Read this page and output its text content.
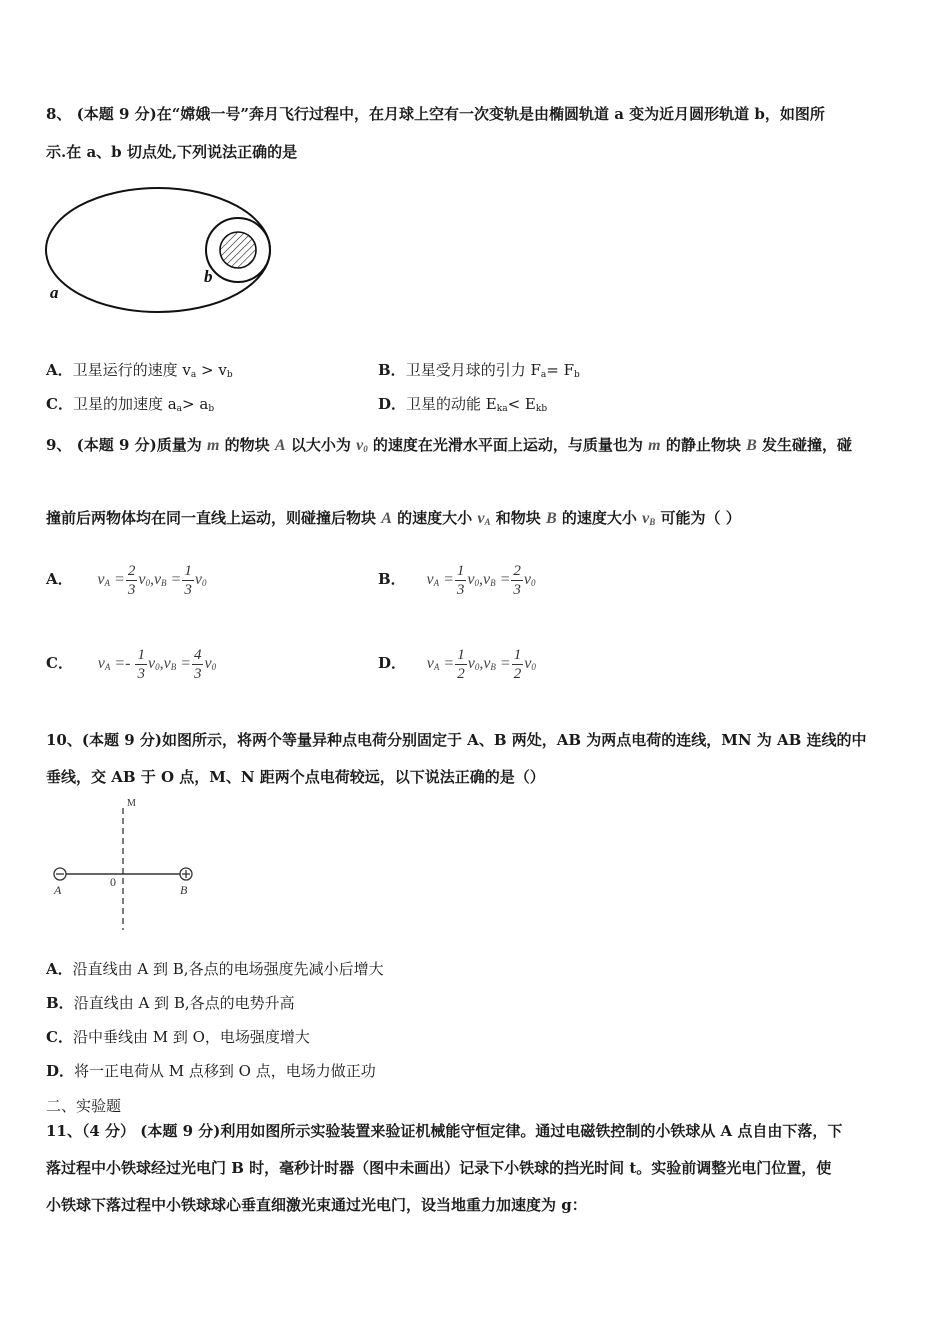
8、 (本题 9 分)在“嫦娥一号”奔月飞行过程中，在月球上空有一次变轨是由椭圆轨道 a 变为近月圆形轨道 b，如图所
示.在 a、b 切点处,下列说法正确的是
a
b
A．卫星运行的速度 $v_a > v_b$	B．卫星受月球的引力 $F_a= F_b$
C．卫星的加速度 $a_a> a_b$	D．卫星的动能 $E_{ka}< E_{kb}$
9、 (本题 9 分)质量为 m 的物块 A 以大小为 $v_0$ 的速度在光滑水平面上运动，与质量也为 m 的静止物块 B 发生碰撞，碰
撞前后两物体均在同一直线上运动，则碰撞后物块 A 的速度大小 $v_A$ 和物块 B 的速度大小 $v_B$ 可能为（ ）
A． $v_A = \frac{2}{3} v_0,v_B = \frac{1}{3} v_0$	B． $v_A = \frac{1}{3} v_0,v_B = \frac{2}{3} v_0$
C． $v_A =- \frac{1}{3} v_0,v_B = \frac{4}{3} v_0$	D． $v_A = \frac{1}{2} v_0,v_B = \frac{1}{2} v_0$
10、(本题 9 分)如图所示，将两个等量异种点电荷分别固定于 A、B 两处，AB 为两点电荷的连线，MN 为 AB 连线的中
垂线，交 AB 于 O 点，M、N 距两个点电荷较远，以下说法正确的是（）
M
0
A	B
A．沿直线由 A 到 B,各点的电场强度先减小后增大
B．沿直线由 A 到 B,各点的电势升高
C．沿中垂线由 M 到 O，电场强度增大
D．将一正电荷从 M 点移到 O 点，电场力做正功
二、实验题
11、（4 分） (本题 9 分)利用如图所示实验装置来验证机械能守恒定律。通过电磁铁控制的小铁球从 A 点自由下落，下
落过程中小铁球经过光电门 B 时，毫秒计时器（图中未画出）记录下小铁球的挡光时间 t。实验前调整光电门位置，使
小铁球下落过程中小铁球球心垂直细激光束通过光电门，设当地重力加速度为 g：
